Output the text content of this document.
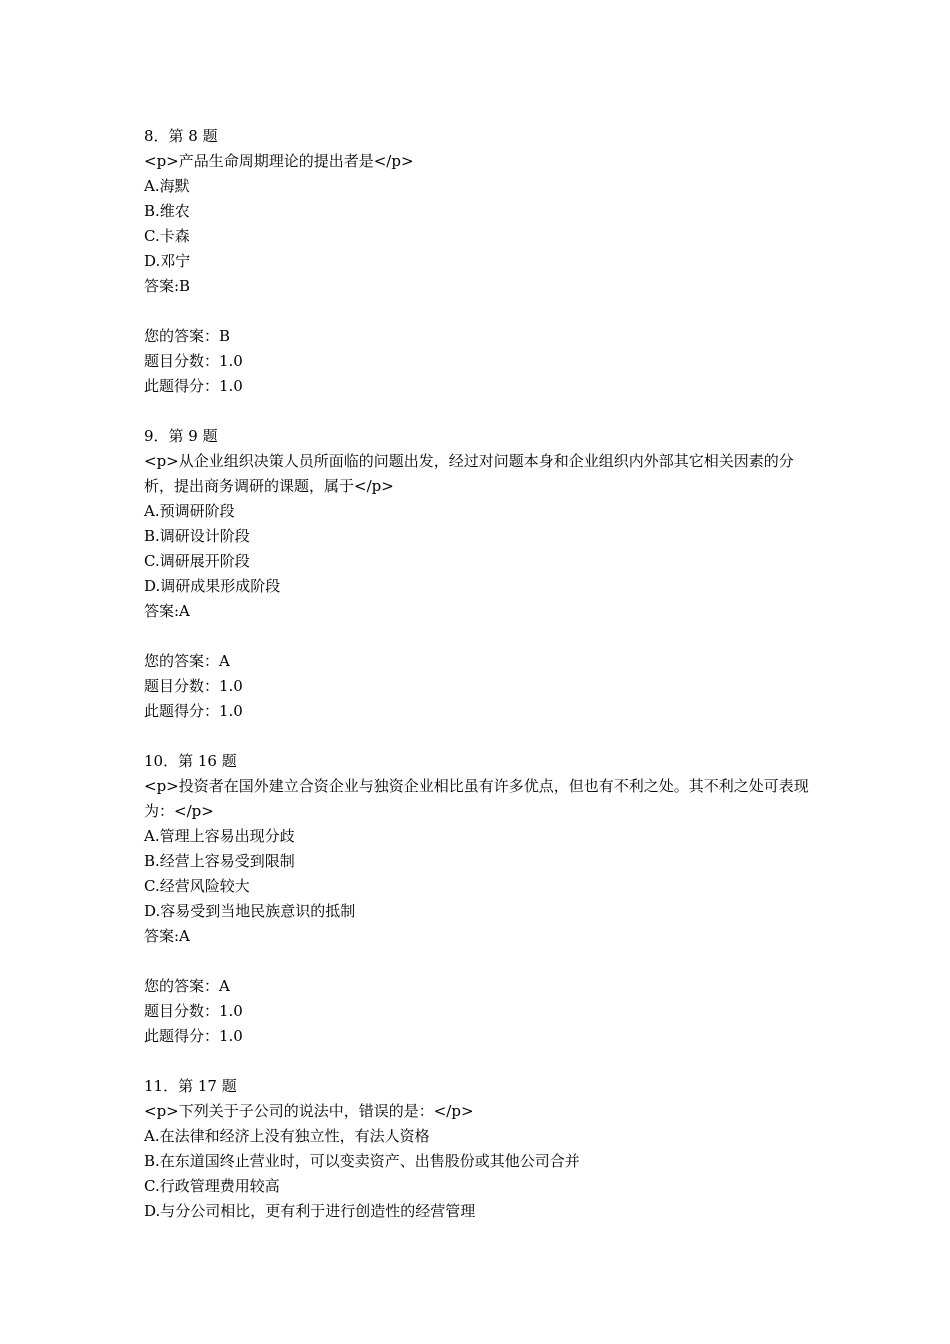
8．第 8 题
<p>产品生命周期理论的提出者是</p>
A.海默
B.维农
C.卡森
D.邓宁
答案:B
您的答案：B
题目分数：1.0
此题得分：1.0
9．第 9 题
<p>从企业组织决策人员所面临的问题出发，经过对问题本身和企业组织内外部其它相关因素的分析，提出商务调研的课题，属于</p>
A.预调研阶段
B.调研设计阶段
C.调研展开阶段
D.调研成果形成阶段
答案:A
您的答案：A
题目分数：1.0
此题得分：1.0
10．第 16 题
<p>投资者在国外建立合资企业与独资企业相比虽有许多优点，但也有不利之处。其不利之处可表现为：</p>
A.管理上容易出现分歧
B.经营上容易受到限制
C.经营风险较大
D.容易受到当地民族意识的抵制
答案:A
您的答案：A
题目分数：1.0
此题得分：1.0
11．第 17 题
<p>下列关于子公司的说法中，错误的是：</p>
A.在法律和经济上没有独立性，有法人资格
B.在东道国终止营业时，可以变卖资产、出售股份或其他公司合并
C.行政管理费用较高
D.与分公司相比，更有利于进行创造性的经营管理
